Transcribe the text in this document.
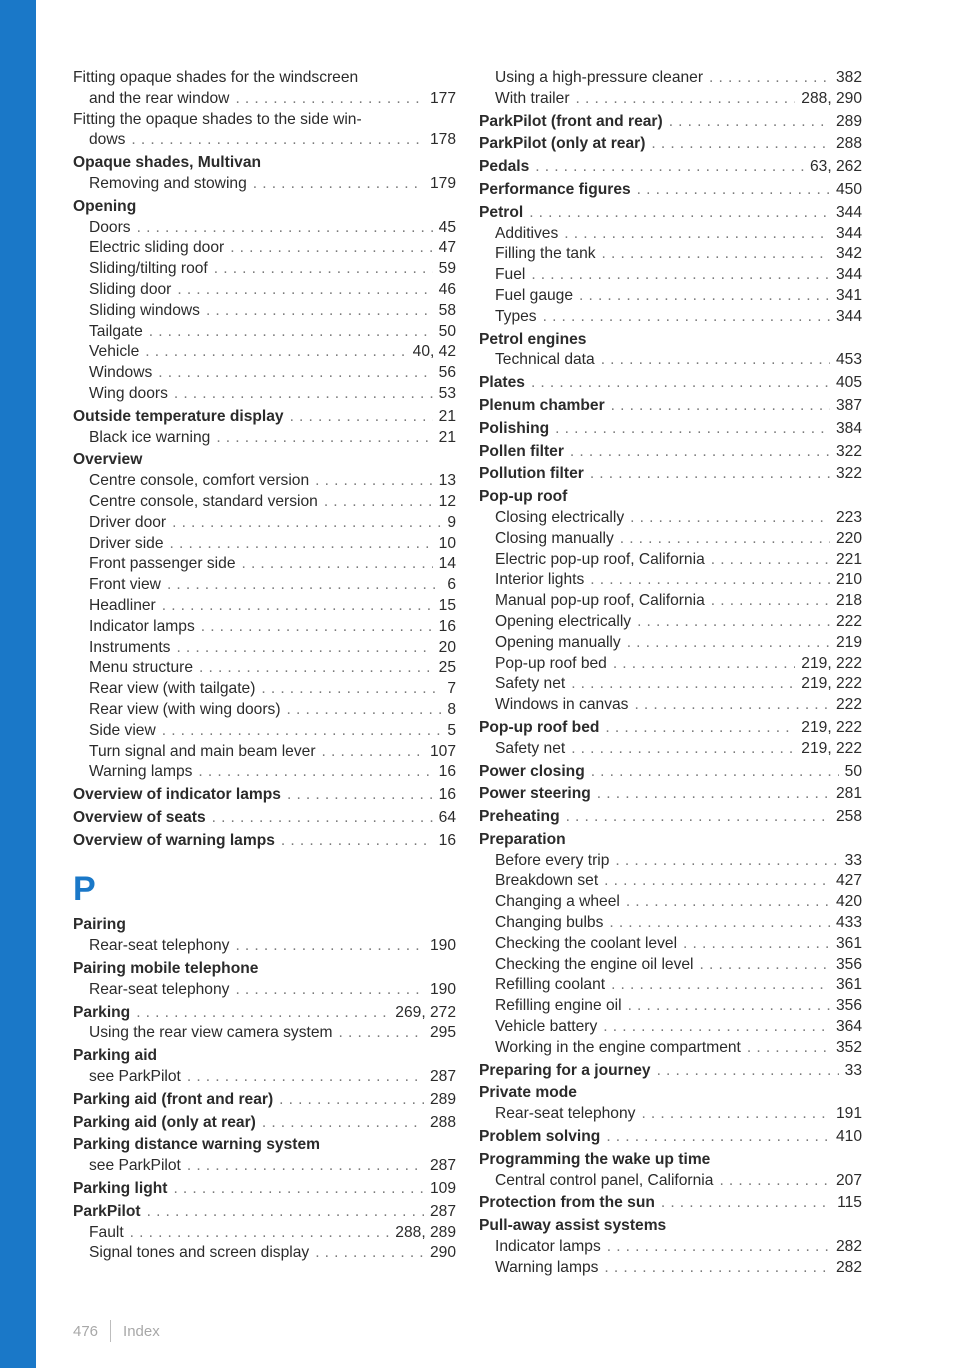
Fitting opaque shades for the windscreen
and the rear window . . .	177
Fitting the opaque shades to the side win-
dows . . .	178
Opaque shades, Multivan
Removing and stowing . . .	179
Opening
Doors . . .	45
Electric sliding door . . .	47
Sliding/tilting roof . . .	59
Sliding door . . .	46
Sliding windows . . .	58
Tailgate . . .	50
Vehicle . . .	40, 42
Windows . . .	56
Wing doors . . .	53
Outside temperature display . . .	21
Black ice warning . . .	21
Overview
Centre console, comfort version . . .	13
Centre console, standard version . . .	12
Driver door . . .	9
Driver side . . .	10
Front passenger side . . .	14
Front view . . .	6
Headliner . . .	15
Indicator lamps . . .	16
Instruments . . .	20
Menu structure . . .	25
Rear view (with tailgate) . . .	7
Rear view (with wing doors) . . .	8
Side view . . .	5
Turn signal and main beam lever . . .	107
Warning lamps . . .	16
Overview of indicator lamps . . .	16
Overview of seats . . .	64
Overview of warning lamps . . .	16
P
Pairing
Rear-seat telephony . . .	190
Pairing mobile telephone
Rear-seat telephony . . .	190
Parking . . .	269, 272
Using the rear view camera system . . .	295
Parking aid
see ParkPilot . . .	287
Parking aid (front and rear) . . .	289
Parking aid (only at rear) . . .	288
Parking distance warning system
see ParkPilot . . .	287
Parking light . . .	109
ParkPilot . . .	287
Fault . . .	288, 289
Signal tones and screen display . . .	290
Using a high-pressure cleaner . . .	382
With trailer . . .	288, 290
ParkPilot (front and rear) . . .	289
ParkPilot (only at rear) . . .	288
Pedals . . .	63, 262
Performance figures . . .	450
Petrol . . .	344
Additives . . .	344
Filling the tank . . .	342
Fuel . . .	344
Fuel gauge . . .	341
Types . . .	344
Petrol engines
Technical data . . .	453
Plates . . .	405
Plenum chamber . . .	387
Polishing . . .	384
Pollen filter . . .	322
Pollution filter . . .	322
Pop-up roof
Closing electrically . . .	223
Closing manually . . .	220
Electric pop-up roof, California . . .	221
Interior lights . . .	210
Manual pop-up roof, California . . .	218
Opening electrically . . .	222
Opening manually . . .	219
Pop-up roof bed . . .	219, 222
Safety net . . .	219, 222
Windows in canvas . . .	222
Pop-up roof bed . . .	219, 222
Safety net . . .	219, 222
Power closing . . .	50
Power steering . . .	281
Preheating . . .	258
Preparation
Before every trip . . .	33
Breakdown set . . .	427
Changing a wheel . . .	420
Changing bulbs . . .	433
Checking the coolant level . . .	361
Checking the engine oil level . . .	356
Refilling coolant . . .	361
Refilling engine oil . . .	356
Vehicle battery . . .	364
Working in the engine compartment . . .	352
Preparing for a journey . . .	33
Private mode
Rear-seat telephony . . .	191
Problem solving . . .	410
Programming the wake up time
Central control panel, California . . .	207
Protection from the sun . . .	115
Pull-away assist systems
Indicator lamps . . .	282
Warning lamps . . .	282
476 Index
